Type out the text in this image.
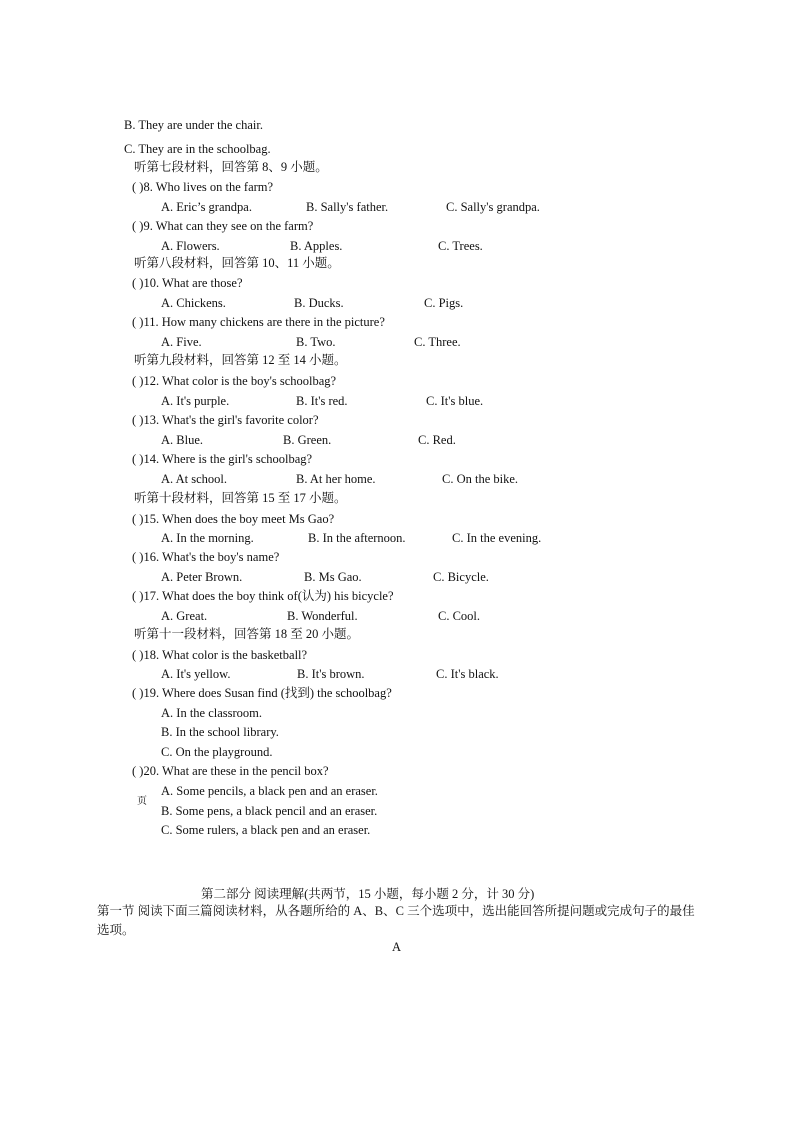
B. They are under the chair.
C. They are in the schoolbag.
听第七段材料，回答第 8、9 小题。
( )8. Who lives on the farm?
A. Eric’s grandpa.	B. Sally's father.	C. Sally's grandpa.
( )9. What can they see on the farm?
A. Flowers.	B. Apples.	C. Trees.
听第八段材料，回答第 10、11 小题。
( )10. What are those?
A. Chickens.	B. Ducks.	C. Pigs.
( )11. How many chickens are there in the picture?
A. Five.	B. Two.	C. Three.
听第九段材料，回答第 12 至 14 小题。
( )12. What color is the boy's schoolbag?
A. It's purple.	B. It's red.	C. It's blue.
( )13. What's the girl's favorite color?
A. Blue.	B. Green.	C. Red.
( )14. Where is the girl's schoolbag?
A. At school.	B. At her home.	C. On the bike.
听第十段材料，回答第 15 至 17 小题。
( )15. When does the boy meet Ms Gao?
A. In the morning.	B. In the afternoon.	C. In the evening.
( )16. What's the boy's name?
A. Peter Brown.	B. Ms Gao.	C. Bicycle.
( )17. What does the boy think of(认为) his bicycle?
A. Great.	B. Wonderful.	C. Cool.
听第十一段材料，回答第 18 至 20 小题。
( )18. What color is the basketball?
A. It's yellow.	B. It's brown.	C. It's black.
( )19. Where does Susan find (找到) the schoolbag?
A. In the classroom.
B. In the school library.
C. On the playground.
( )20. What are these in the pencil box?
A. Some pencils, a black pen and an eraser.
B. Some pens, a black pencil and an eraser.
C. Some rulers, a black pen and an eraser.
页
第二部分 阅读理解(共两节，15 小题，每小题 2 分，计 30 分)
第一节 阅读下面三篇阅读材料，从各题所给的 A、B、C 三个选项中，选出能回答所提问题或完成句子的最佳选项。
A
